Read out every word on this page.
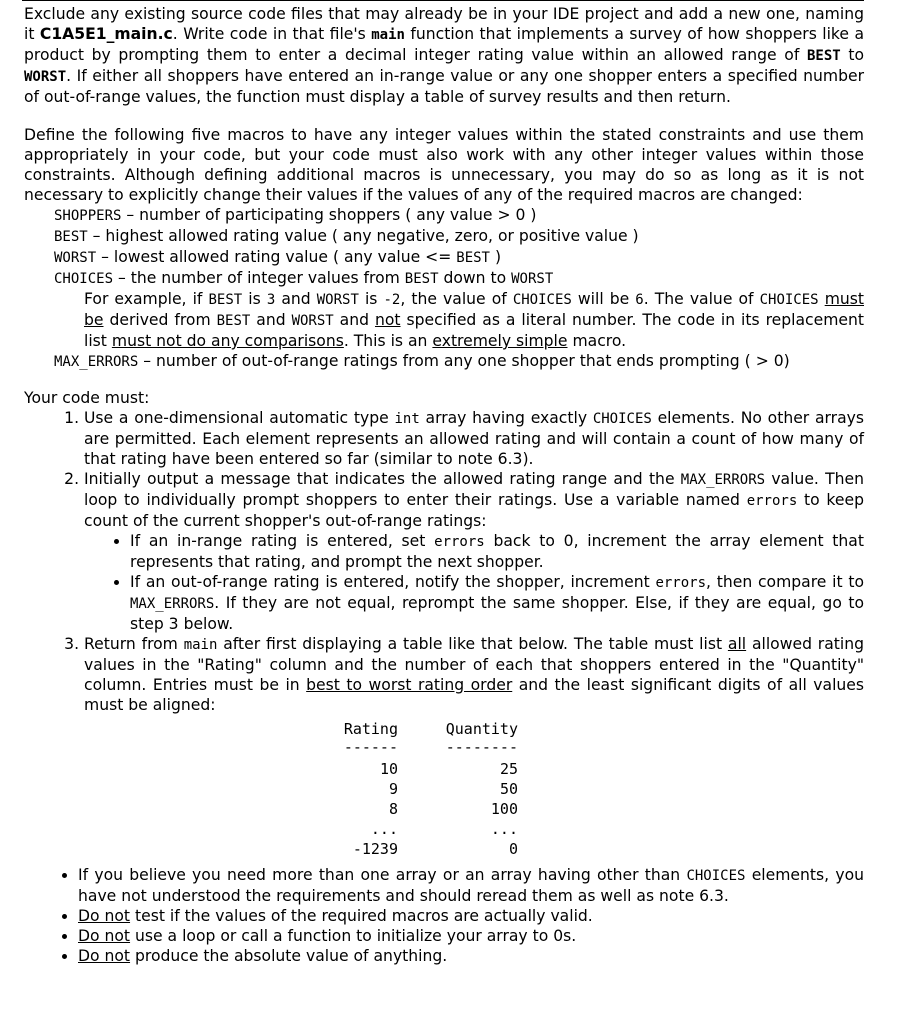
Exclude any existing source code files that may already be in your IDE project and add a new one, naming it C1A5E1_main.c. Write code in that file's main function that implements a survey of how shoppers like a product by prompting them to enter a decimal integer rating value within an allowed range of BEST to WORST. If either all shoppers have entered an in-range value or any one shopper enters a specified number of out-of-range values, the function must display a table of survey results and then return.

Define the following five macros to have any integer values within the stated constraints and use them appropriately in your code, but your code must also work with any other integer values within those constraints. Although defining additional macros is unnecessary, you may do so as long as it is not necessary to explicitly change their values if the values of any of the required macros are changed:

SHOPPERS – number of participating shoppers ( any value > 0 )
BEST – highest allowed rating value ( any negative, zero, or positive value )
WORST – lowest allowed rating value ( any value <= BEST )
CHOICES – the number of integer values from BEST down to WORST

For example, if BEST is 3 and WORST is -2, the value of CHOICES will be 6. The value of CHOICES must be derived from BEST and WORST and not specified as a literal number. The code in its replacement list must not do any comparisons. This is an extremely simple macro.

MAX_ERRORS – number of out-of-range ratings from any one shopper that ends prompting ( > 0)
Your code must:
1. Use a one-dimensional automatic type int array having exactly CHOICES elements. No other arrays are permitted. Each element represents an allowed rating and will contain a count of how many of that rating have been entered so far (similar to note 6.3).
2. Initially output a message that indicates the allowed rating range and the MAX_ERRORS value. Then loop to individually prompt shoppers to enter their ratings. Use a variable named errors to keep count of the current shopper's out-of-range ratings:
• If an in-range rating is entered, set errors back to 0, increment the array element that represents that rating, and prompt the next shopper.
• If an out-of-range rating is entered, notify the shopper, increment errors, then compare it to MAX_ERRORS. If they are not equal, reprompt the same shopper. Else, if they are equal, go to step 3 below.
3. Return from main after first displaying a table like that below. The table must list all allowed rating values in the "Rating" column and the number of each that shoppers entered in the "Quantity" column. Entries must be in best to worst rating order and the least significant digits of all values must be aligned:
Rating	Quantity
------	--------
10	25
9	50
8	100
...	...
-1239	0
• If you believe you need more than one array or an array having other than CHOICES elements, you have not understood the requirements and should reread them as well as note 6.3.
• Do not test if the values of the required macros are actually valid.
• Do not use a loop or call a function to initialize your array to 0s.
• Do not produce the absolute value of anything.
